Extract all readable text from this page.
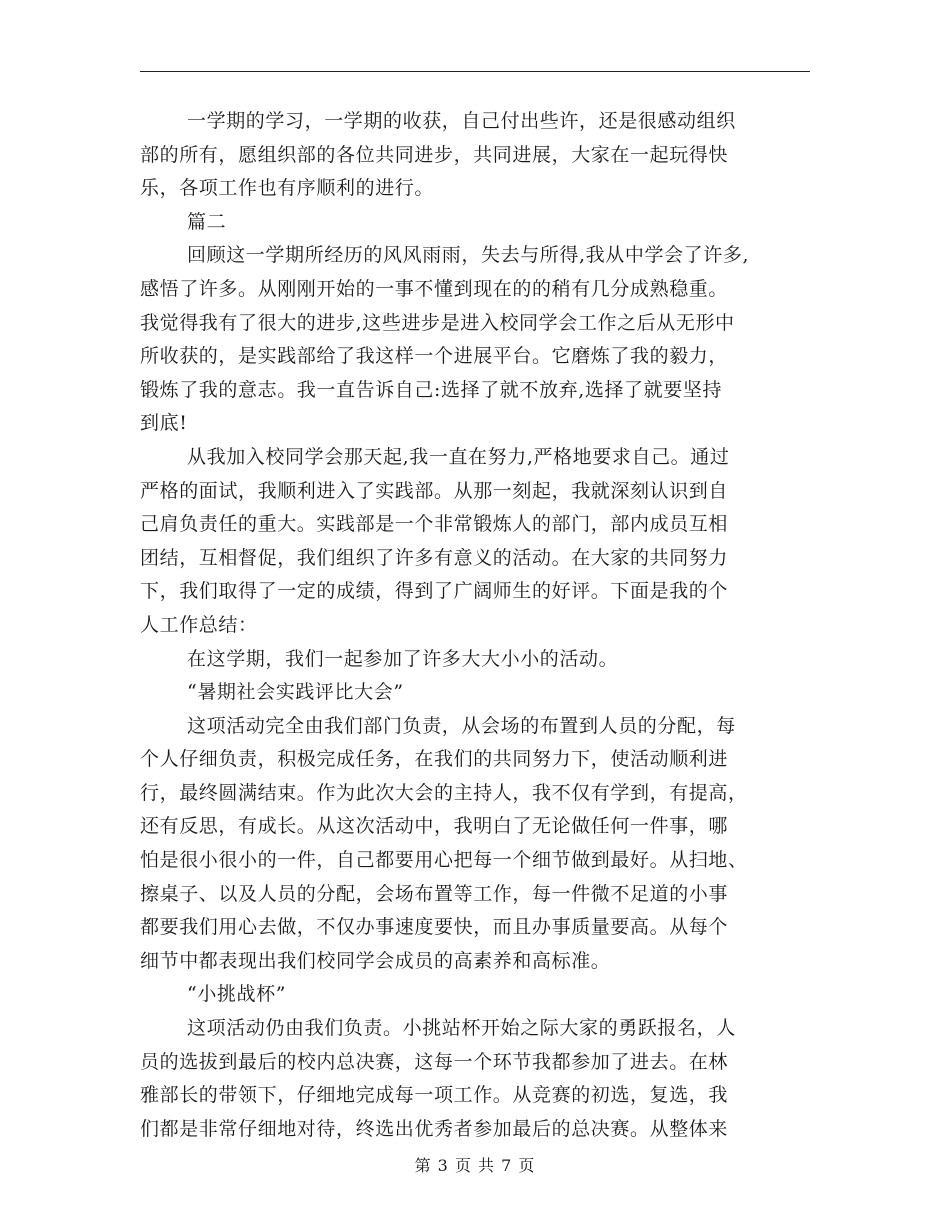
一学期的学习，一学期的收获，自己付出些许，还是很感动组织
部的所有，愿组织部的各位共同进步，共同进展，大家在一起玩得快
乐，各项工作也有序顺利的进行。
篇二
回顾这一学期所经历的风风雨雨，失去与所得,我从中学会了许多,
感悟了许多。从刚刚开始的一事不懂到现在的的稍有几分成熟稳重。
我觉得我有了很大的进步,这些进步是进入校同学会工作之后从无形中
所收获的，是实践部给了我这样一个进展平台。它磨炼了我的毅力，
锻炼了我的意志。我一直告诉自己:选择了就不放弃,选择了就要坚持
到底!
从我加入校同学会那天起,我一直在努力,严格地要求自己。通过
严格的面试，我顺利进入了实践部。从那一刻起，我就深刻认识到自
己肩负责任的重大。实践部是一个非常锻炼人的部门，部内成员互相
团结，互相督促，我们组织了许多有意义的活动。在大家的共同努力
下，我们取得了一定的成绩，得到了广阔师生的好评。下面是我的个
人工作总结：
在这学期，我们一起参加了许多大大小小的活动。
“暑期社会实践评比大会”
这项活动完全由我们部门负责，从会场的布置到人员的分配，每
个人仔细负责，积极完成任务，在我们的共同努力下，使活动顺利进
行，最终圆满结束。作为此次大会的主持人，我不仅有学到，有提高，
还有反思，有成长。从这次活动中，我明白了无论做任何一件事，哪
怕是很小很小的一件，自己都要用心把每一个细节做到最好。从扫地、
擦桌子、以及人员的分配，会场布置等工作，每一件微不足道的小事
都要我们用心去做，不仅办事速度要快，而且办事质量要高。从每个
细节中都表现出我们校同学会成员的高素养和高标准。
“小挑战杯”
这项活动仍由我们负责。小挑站杯开始之际大家的勇跃报名，人
员的选拔到最后的校内总决赛，这每一个环节我都参加了进去。在林
雅部长的带领下，仔细地完成每一项工作。从竞赛的初选，复选，我
们都是非常仔细地对待，终选出优秀者参加最后的总决赛。从整体来
第 3 页 共 7 页
